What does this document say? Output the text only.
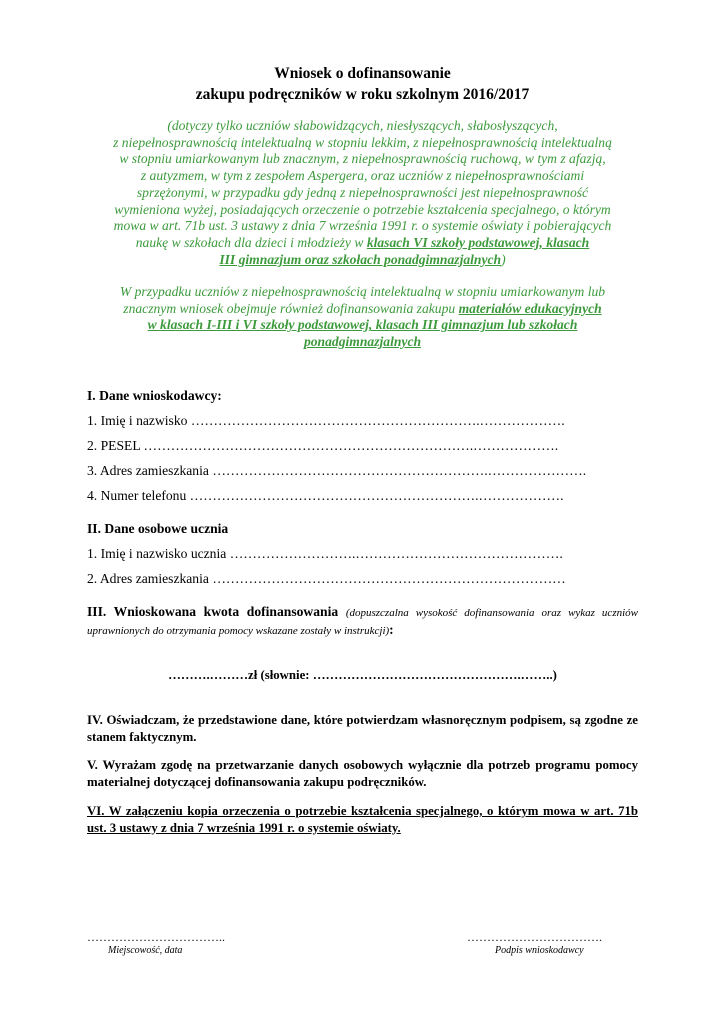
Wniosek o dofinansowanie
zakupu podręczników w roku szkolnym 2016/2017
(dotyczy tylko uczniów słabowidzących, niesłyszących, słabosłyszących,
z niepełnosprawnością intelektualną w stopniu lekkim, z niepełnosprawnością intelektualną
w stopniu umiarkowanym lub znacznym, z niepełnosprawnością ruchową, w tym z afazją,
z autyzmem, w tym z zespołem Aspergera, oraz uczniów z niepełnosprawnościami
sprzężonymi, w przypadku gdy jedną z niepełnosprawności jest niepełnosprawność
wymieniona wyżej, posiadających orzeczenie o potrzebie kształcenia specjalnego, o którym
mowa w art. 71b ust. 3 ustawy z dnia 7 września 1991 r. o systemie oświaty i pobierających
naukę w szkołach dla dzieci i młodzieży w klasach VI szkoły podstawowej, klasach
III gimnazjum oraz szkołach ponadgimnazjalnych)
W przypadku uczniów z niepełnosprawnością intelektualną w stopniu umiarkowanym lub
znacznym wniosek obejmuje również dofinansowania zakupu materiałów edukacyjnych
w klasach I-III i VI szkoły podstawowej, klasach III gimnazjum lub szkołach
ponadgimnazjalnych
I. Dane wnioskodawcy:
1. Imię i nazwisko ……………………………………………………….……………….
2. PESEL ……………………………………………………………….……………….
3. Adres zamieszkania …………………………………………………….………………….
4. Numer telefonu ……………………………………………………….……………….
II. Dane osobowe ucznia
1. Imię i nazwisko ucznia ……………………….……………………………………….
2. Adres zamieszkania ……………………………………………………………………
III. Wnioskowana kwota dofinansowania (dopuszczalna wysokość dofinansowania oraz wykaz uczniów uprawnionych do otrzymania pomocy wskazane zostały w instrukcji):
……….………zł (słownie: ………………………………………….……..)
IV. Oświadczam, że przedstawione dane, które potwierdzam własnoręcznym podpisem, są zgodne ze stanem faktycznym.
V. Wyrażam zgodę na przetwarzanie danych osobowych wyłącznie dla potrzeb programu pomocy materialnej dotyczącej dofinansowania zakupu podręczników.
VI. W załączeniu kopia orzeczenia o potrzebie kształcenia specjalnego, o którym mowa w art. 71b ust. 3 ustawy z dnia 7 września 1991 r. o systemie oświaty.
……………………………..
Miejscowość, data
…………………………….
Podpis wnioskodawcy
